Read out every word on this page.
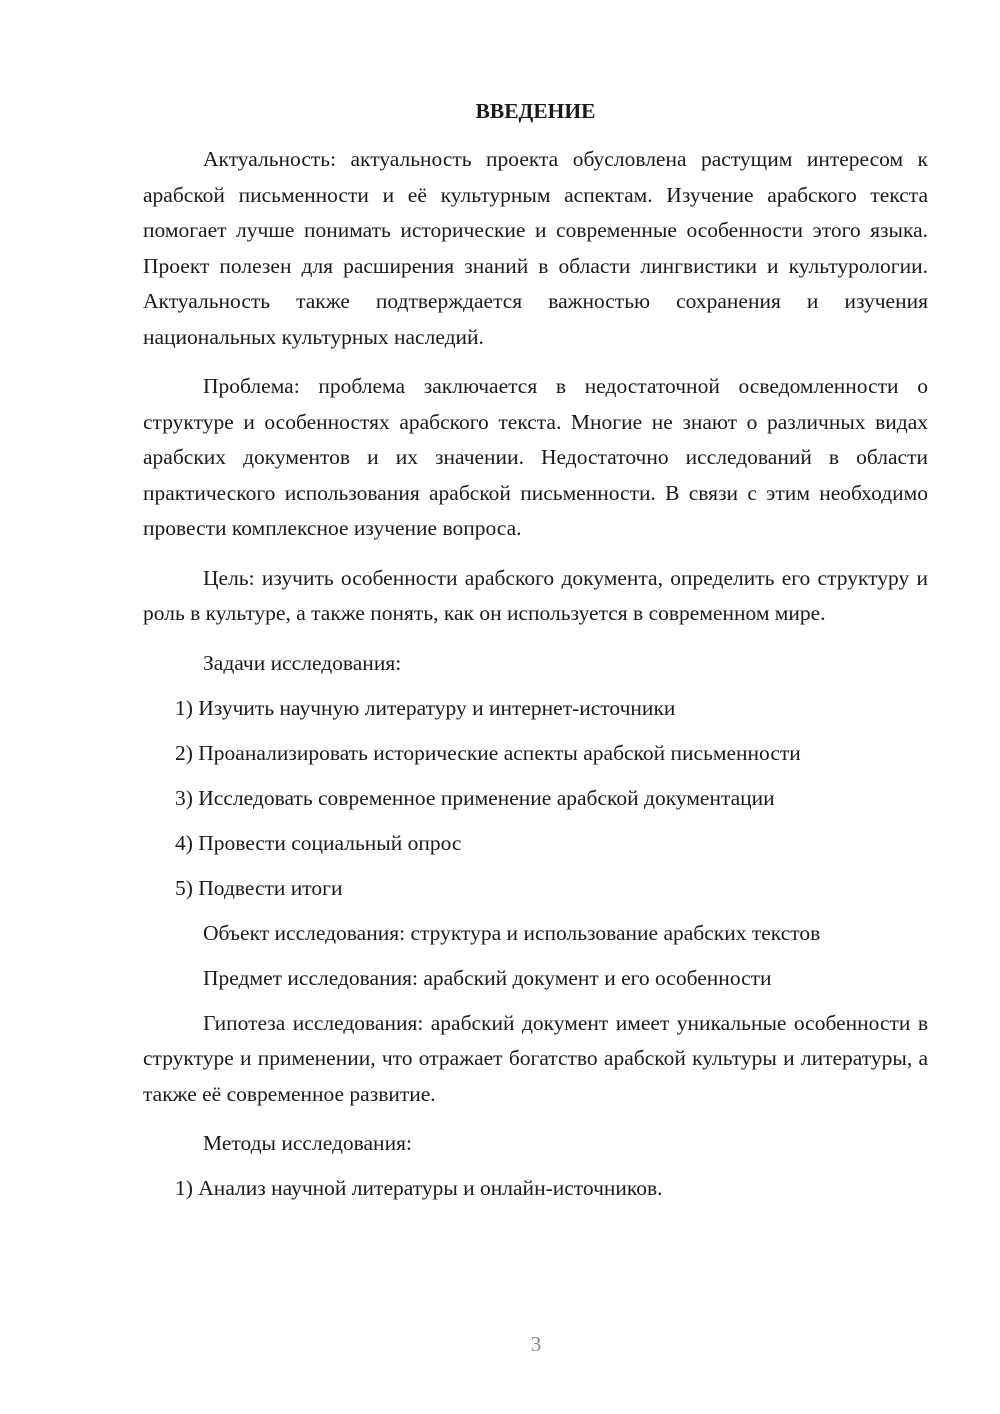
ВВЕДЕНИЕ

Актуальность: актуальность проекта обусловлена растущим интересом к арабской письменности и её культурным аспектам. Изучение арабского текста помогает лучше понимать исторические и современные особенности этого языка. Проект полезен для расширения знаний в области лингвистики и культурологии. Актуальность также подтверждается важностью сохранения и изучения национальных культурных наследий.

Проблема: проблема заключается в недостаточной осведомленности о структуре и особенностях арабского текста. Многие не знают о различных видах арабских документов и их значении. Недостаточно исследований в области практического использования арабской письменности. В связи с этим необходимо провести комплексное изучение вопроса.

Цель: изучить особенности арабского документа, определить его структуру и роль в культуре, а также понять, как он используется в современном мире.

Задачи исследования:
1) Изучить научную литературу и интернет-источники
2) Проанализировать исторические аспекты арабской письменности
3) Исследовать современное применение арабской документации
4) Провести социальный опрос
5) Подвести итоги
Объект исследования: структура и использование арабских текстов
Предмет исследования: арабский документ и его особенности

Гипотеза исследования: арабский документ имеет уникальные особенности в структуре и применении, что отражает богатство арабской культуры и литературы, а также её современное развитие.

Методы исследования:
1) Анализ научной литературы и онлайн-источников.
3
